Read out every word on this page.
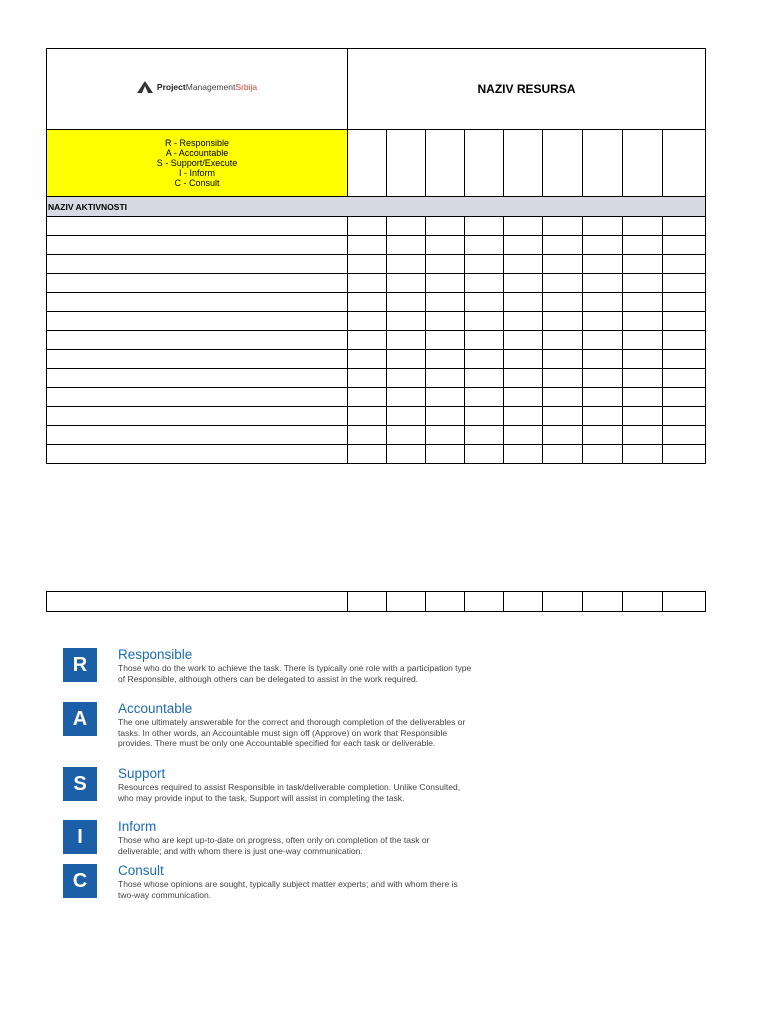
ProjectManagementSrbija	NAZIV RESURSA								

R - Responsible
A - Accountable
S - Support/Execute
I - Inform
C - Consult									

NAZIV AKTIVNOSTI									

R	Responsible
Those who do the work to achieve the task. There is typically one role with a participation type of Responsible, although others can be delegated to assist in the work required.
A	Accountable
The one ultimately answerable for the correct and thorough completion of the deliverables or tasks. In other words, an Accountable must sign off (Approve) on work that Responsible provides. There must be only one Accountable specified for each task or deliverable.
S	Support
Resources required to assist Responsible in task/deliverable completion. Unlike Consulted, who may provide input to the task, Support will assist in completing the task.
I	Inform
Those who are kept up-to-date on progress, often only on completion of the task or deliverable; and with whom there is just one-way communication.
C	Consult
Those whose opinions are sought, typically subject matter experts; and with whom there is two-way communication.
